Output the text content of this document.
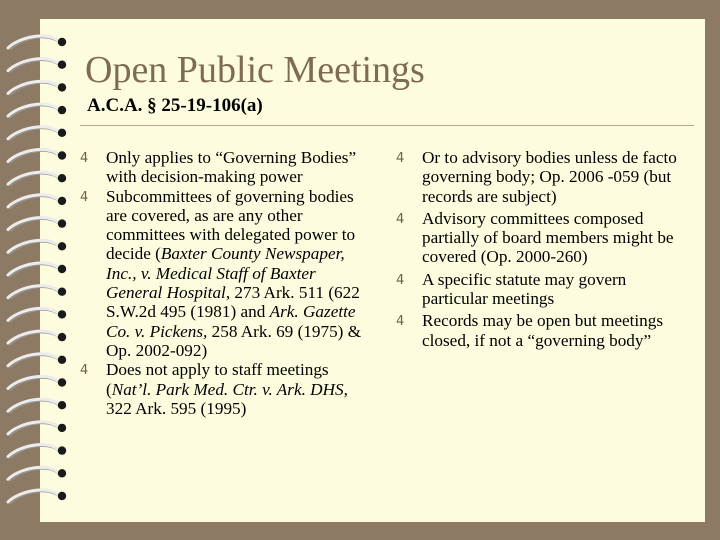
Open Public Meetings
A.C.A. § 25-19-106(a)
4 Only applies to “Governing Bodies” with decision-making power
4 Subcommittees of governing bodies are covered, as are any other committees with delegated power to decide (Baxter County Newspaper, Inc., v. Medical Staff of Baxter General Hospital, 273 Ark. 511 (622 S.W.2d 495 (1981) and Ark. Gazette Co. v. Pickens, 258 Ark. 69 (1975) & Op. 2002-092)
4 Does not apply to staff meetings (Nat’l. Park Med. Ctr. v. Ark. DHS, 322 Ark. 595 (1995)
4 Or to advisory bodies unless de facto governing body; Op. 2006 -059 (but records are subject)
4 Advisory committees composed partially of board members might be covered (Op. 2000-260)
4 A specific statute may govern particular meetings
4 Records may be open but meetings closed, if not a “governing body”
